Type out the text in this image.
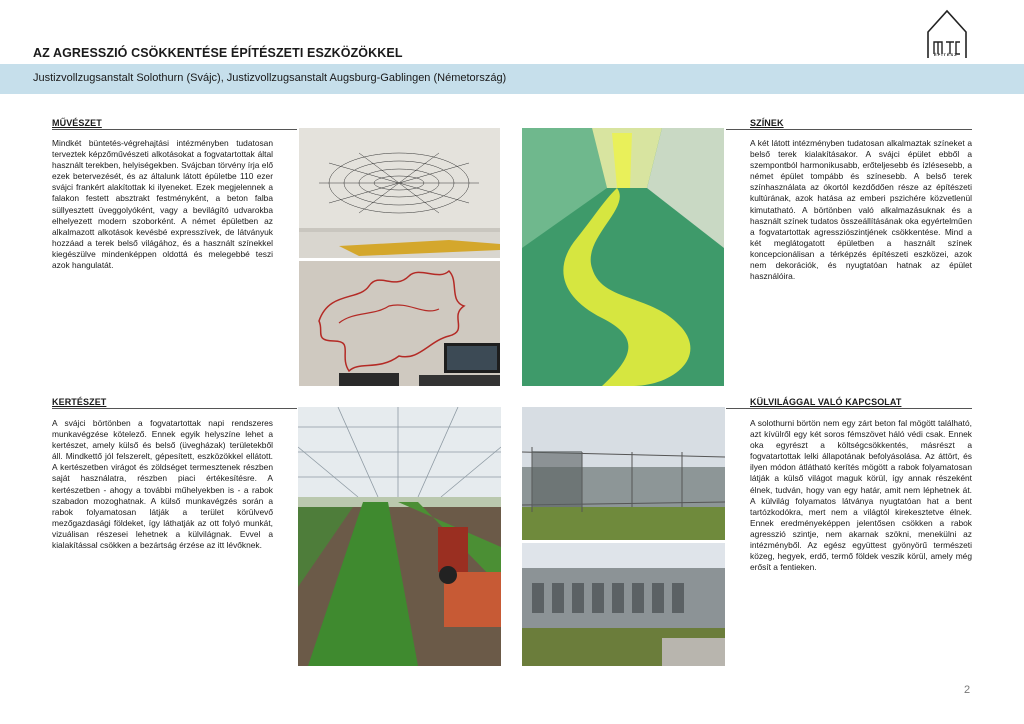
AZ AGRESSZIÓ CSÖKKENTÉSE ÉPÍTÉSZETI ESZKÖZÖKKEL	ÉPÍTÉSZ
Justizvollzugsanstalt Solothurn (Svájc), Justizvollzugsanstalt Augsburg-Gablingen (Németország)
MŰVÉSZET
Mindkét büntetés-végrehajtási intézményben tudatosan terveztek képzőművészeti alkotásokat a fogvatartottak által használt terekben, helyiségekben. Svájcban törvény írja elő ezek betervezését, és az általunk látott épületbe 110 ezer svájci frankért alakítottak ki ilyeneket. Ezek megjelennek a falakon festett absztrakt festményként, a beton falba süllyesztett üveggolyóként, vagy a bevilágító udvarokba elhelyezett modern szoborként. A német épületben az alkalmazott alkotások kevésbé expresszívek, de látványuk hozzáad a terek belső világához, és a használt színekkel kiegészülve mindenképpen oldottá és melegebbé teszi azok hangulatát.
SZÍNEK
A két látott intézményben tudatosan alkalmaztak színeket a belső terek kialakításakor. A svájci épület ebből a szempontból harmonikusabb, erőteljesebb és ízlésesebb, a német épület tompább és színesebb. A belső terek színhasználata az ókortól kezdődően része az építészeti kultúrának, azok hatása az emberi pszichére közvetlenül kimutatható. A börtönben való alkalmazásuknak és a használt színek tudatos összeállításának oka egyértelműen a fogvatartottak agressziószintjének csökkentése. Mind a két meglátogatott épületben a használt színek koncepcionálisan a térképzés építészeti eszközei, azok nem dekorációk, és nyugtatóan hatnak az épület használóira.
KERTÉSZET
A svájci börtönben a fogvatartottak napi rendszeres munkavégzése kötelező. Ennek egyik helyszíne lehet a kertészet, amely külső és belső (üvegházak) területekből áll. Mindkettő jól felszerelt, gépesített, eszközökkel ellátott. A kertészetben virágot és zöldséget termesztenek részben saját használatra, részben piaci értékesítésre. A kertészetben - ahogy a további műhelyekben is - a rabok szabadon mozoghatnak. A külső munkavégzés során a rabok folyamatosan látják a terület körülvevő mezőgazdasági földeket, így láthatják az ott folyó munkát, vizuálisan részesei lehetnek a külvilágnak. Evvel a kialakítással csökken a bezártság érzése az itt lévőknek.
KÜLVILÁGGAL VALÓ KAPCSOLAT
A solothurni börtön nem egy zárt beton fal mögött található, azt kívülről egy két soros fémszövet háló védi csak. Ennek oka egyrészt a költségcsökkentés, másrészt a fogvatartottak lelki állapotának befolyásolása. Az áttört, és ilyen módon átlátható kerítés mögött a rabok folyamatosan látják a külső világot maguk körül, így annak részeként élnek, tudván, hogy van egy határ, amit nem léphetnek át. A külvilág folyamatos látványa nyugtatóan hat a bent tartózkodókra, mert nem a világtól kirekesztetve élnek. Ennek eredményeképpen jelentősen csökken a rabok agresszió szintje, nem akarnak szökni, menekülni az intézményből. Az egész együttest gyönyörű természeti közeg, hegyek, erdő, termő földek veszik körül, amely még erősít a fentieken.
2
